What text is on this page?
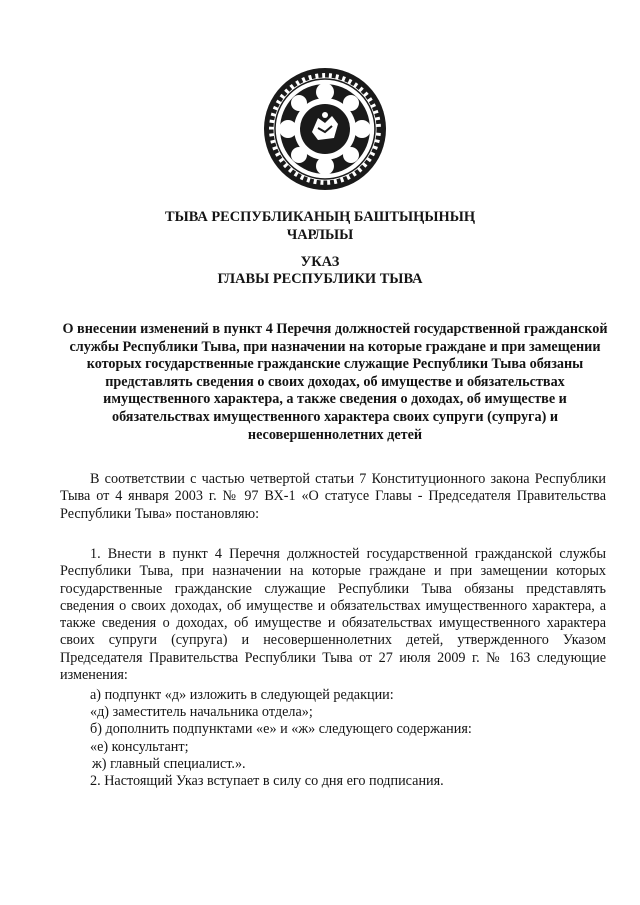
ТЫВА РЕСПУБЛИКАНЫҢ БАШТЫҢЫНЫҢ
ЧАРЛЫЫ
УКАЗ
ГЛАВЫ РЕСПУБЛИКИ ТЫВА
О внесении изменений в пункт 4 Перечня должностей государственной гражданской службы Республики Тыва, при назначении на которые граждане и при замещении которых государственные гражданские служащие Республики Тыва обязаны представлять сведения о своих доходах, об имуществе и обязательствах имущественного характера, а также сведения о доходах, об имуществе и обязательствах имущественного характера своих супруги (супруга) и несовершеннолетних детей
В соответствии с частью четвертой статьи 7 Конституционного закона Республики Тыва от 4 января 2003 г. № 97 ВХ-1 «О статусе Главы - Председателя Правительства Республики Тыва» постановляю:
1. Внести в пункт 4 Перечня должностей государственной гражданской службы Республики Тыва, при назначении на которые граждане и при замещении которых государственные гражданские служащие Республики Тыва обязаны представлять сведения о своих доходах, об имуществе и обязательствах имущественного характера, а также сведения о доходах, об имуществе и обязательствах имущественного характера своих супруги (супруга) и несовершеннолетних детей, утвержденного Указом Председателя Правительства Республики Тыва от 27 июля 2009 г. № 163 следующие изменения:
а) подпункт «д» изложить в следующей редакции:
«д) заместитель начальника отдела»;
б) дополнить подпунктами «е» и «ж» следующего содержания:
«е) консультант;
ж) главный специалист.».
2. Настоящий Указ вступает в силу со дня его подписания.
